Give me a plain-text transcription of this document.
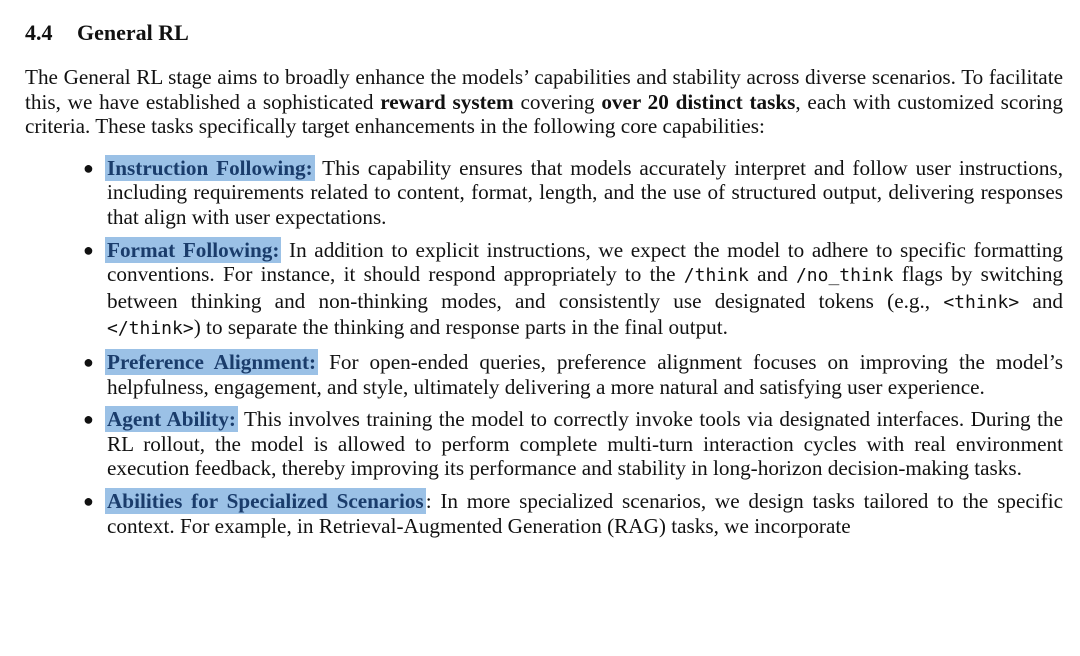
4.4 General RL

The General RL stage aims to broadly enhance the models’ capabilities and stability across diverse scenarios. To facilitate this, we have established a sophisticated reward system covering over 20 distinct tasks, each with customized scoring criteria. These tasks specifically target enhancements in the following core capabilities:

● Instruction Following: This capability ensures that models accurately interpret and follow user instructions, including requirements related to content, format, length, and the use of structured output, delivering responses that align with user expectations.
● Format Following: In addition to explicit instructions, we expect the model to adhere to specific formatting conventions. For instance, it should respond appropriately to the /think and /no_think flags by switching between thinking and non-thinking modes, and consistently use designated tokens (e.g., <think> and </think>) to separate the thinking and response parts in the final output.
● Preference Alignment: For open-ended queries, preference alignment focuses on improving the model’s helpfulness, engagement, and style, ultimately delivering a more natural and satisfying user experience.
● Agent Ability: This involves training the model to correctly invoke tools via designated interfaces. During the RL rollout, the model is allowed to perform complete multi-turn interaction cycles with real environment execution feedback, thereby improving its performance and stability in long-horizon decision-making tasks.
● Abilities for Specialized Scenarios: In more specialized scenarios, we design tasks tailored to the specific context. For example, in Retrieval-Augmented Generation (RAG) tasks, we incorporate
